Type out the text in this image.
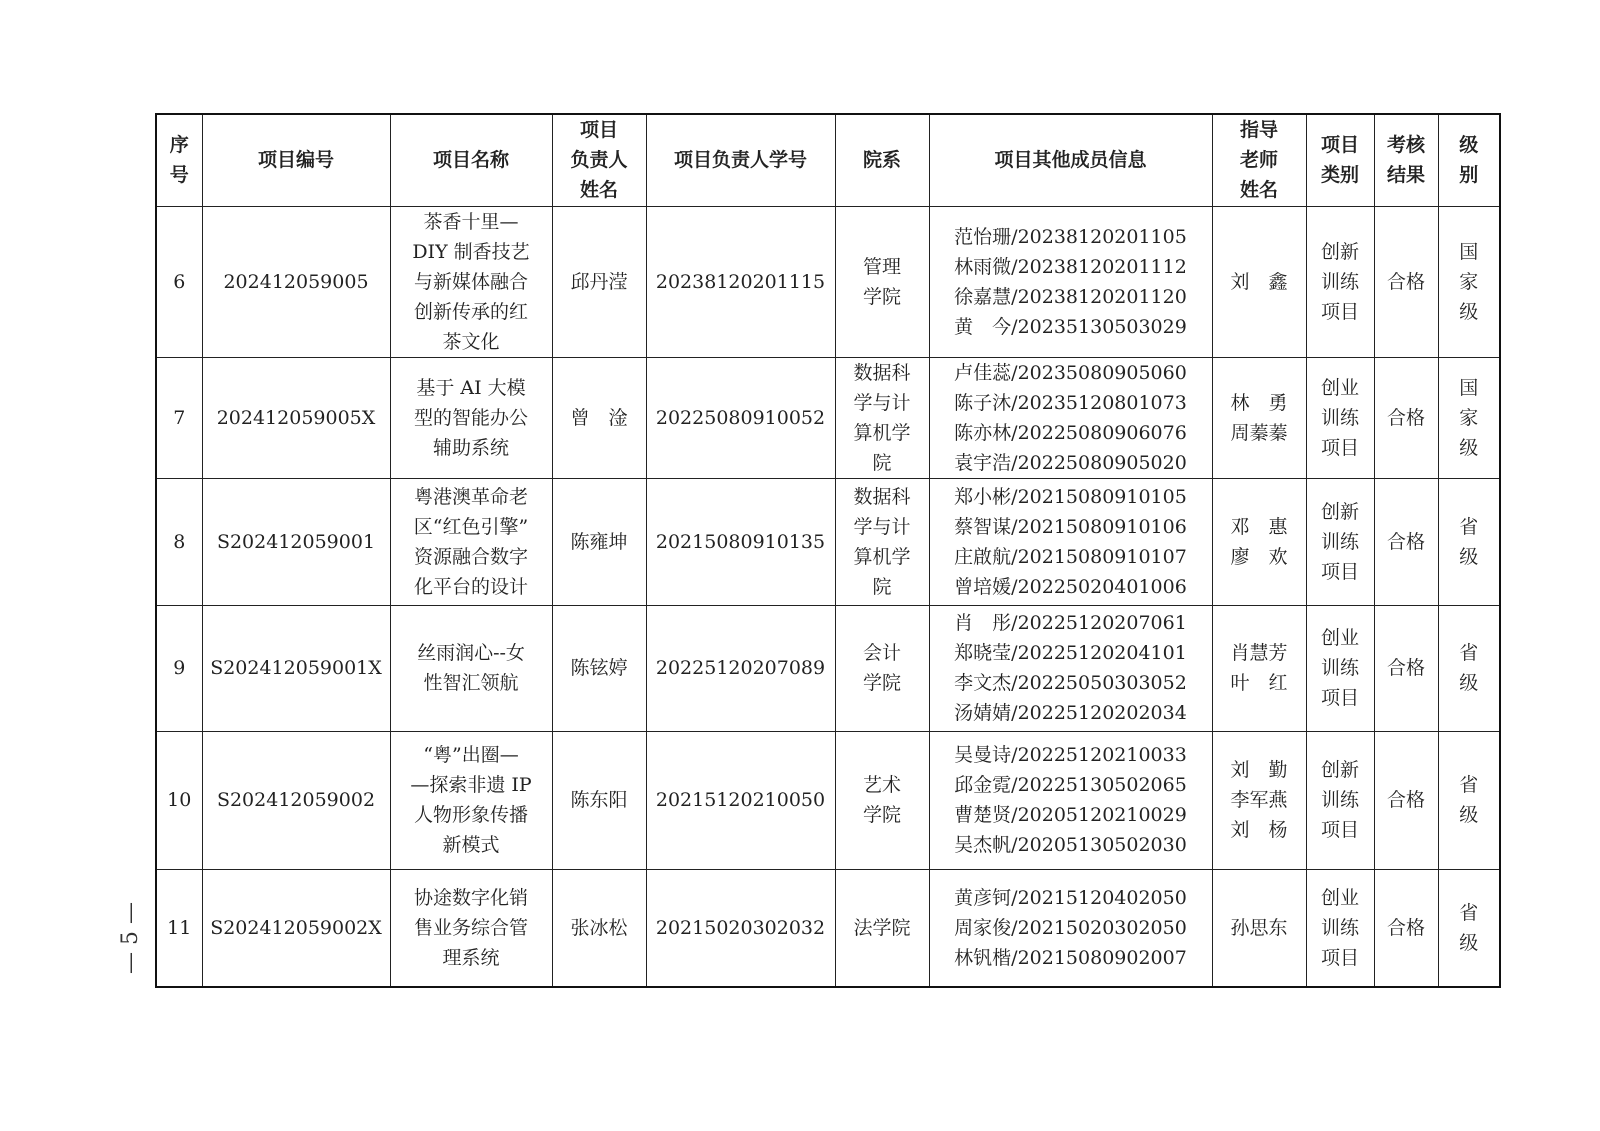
序
号	项目编号	项目名称	项目
负责人
姓名	项目负责人学号	院系	项目其他成员信息	指导
老师
姓名	项目
类别	考核
结果	级
别
6	202412059005	茶香十里—
DIY 制香技艺
与新媒体融合
创新传承的红
茶文化	邱丹滢	20238120201115	管理
学院	范怡珊/20238120201105
林雨微/20238120201112
徐嘉慧/20238120201120
黄　今/20235130503029	刘　鑫	创新
训练
项目	合格	国
家
级
7	202412059005X	基于 AI 大模
型的智能办公
辅助系统	曾　淦	20225080910052	数据科
学与计
算机学
院	卢佳蕊/20235080905060
陈子沐/20235120801073
陈亦林/20225080906076
袁宇浩/20225080905020	林　勇
周蓁蓁	创业
训练
项目	合格	国
家
级
8	S202412059001	粤港澳革命老
区“红色引擎”
资源融合数字
化平台的设计	陈雍坤	20215080910135	数据科
学与计
算机学
院	郑小彬/20215080910105
蔡智谋/20215080910106
庄啟航/20215080910107
曾培媛/20225020401006	邓　惠
廖　欢	创新
训练
项目	合格	省
级
9	S202412059001X	丝雨润心--女
性智汇领航	陈铉婷	20225120207089	会计
学院	肖　彤/20225120207061
郑晓莹/20225120204101
李文杰/20225050303052
汤婧婧/20225120202034	肖慧芳
叶　红	创业
训练
项目	合格	省
级
10	S202412059002	“粤”出圈—
—探索非遗 IP
人物形象传播
新模式	陈东阳	20215120210050	艺术
学院	吴曼诗/20225120210033
邱金霓/20225130502065
曹楚贤/20205120210029
吴杰帆/20205130502030	刘　勤
李军燕
刘　杨	创新
训练
项目	合格	省
级
11	S202412059002X	协途数字化销
售业务综合管
理系统	张冰松	20215020302032	法学院	黄彦钶/20215120402050
周家俊/20215020302050
林钒楷/20215080902007	孙思东	创业
训练
项目	合格	省
级
— 5 —
